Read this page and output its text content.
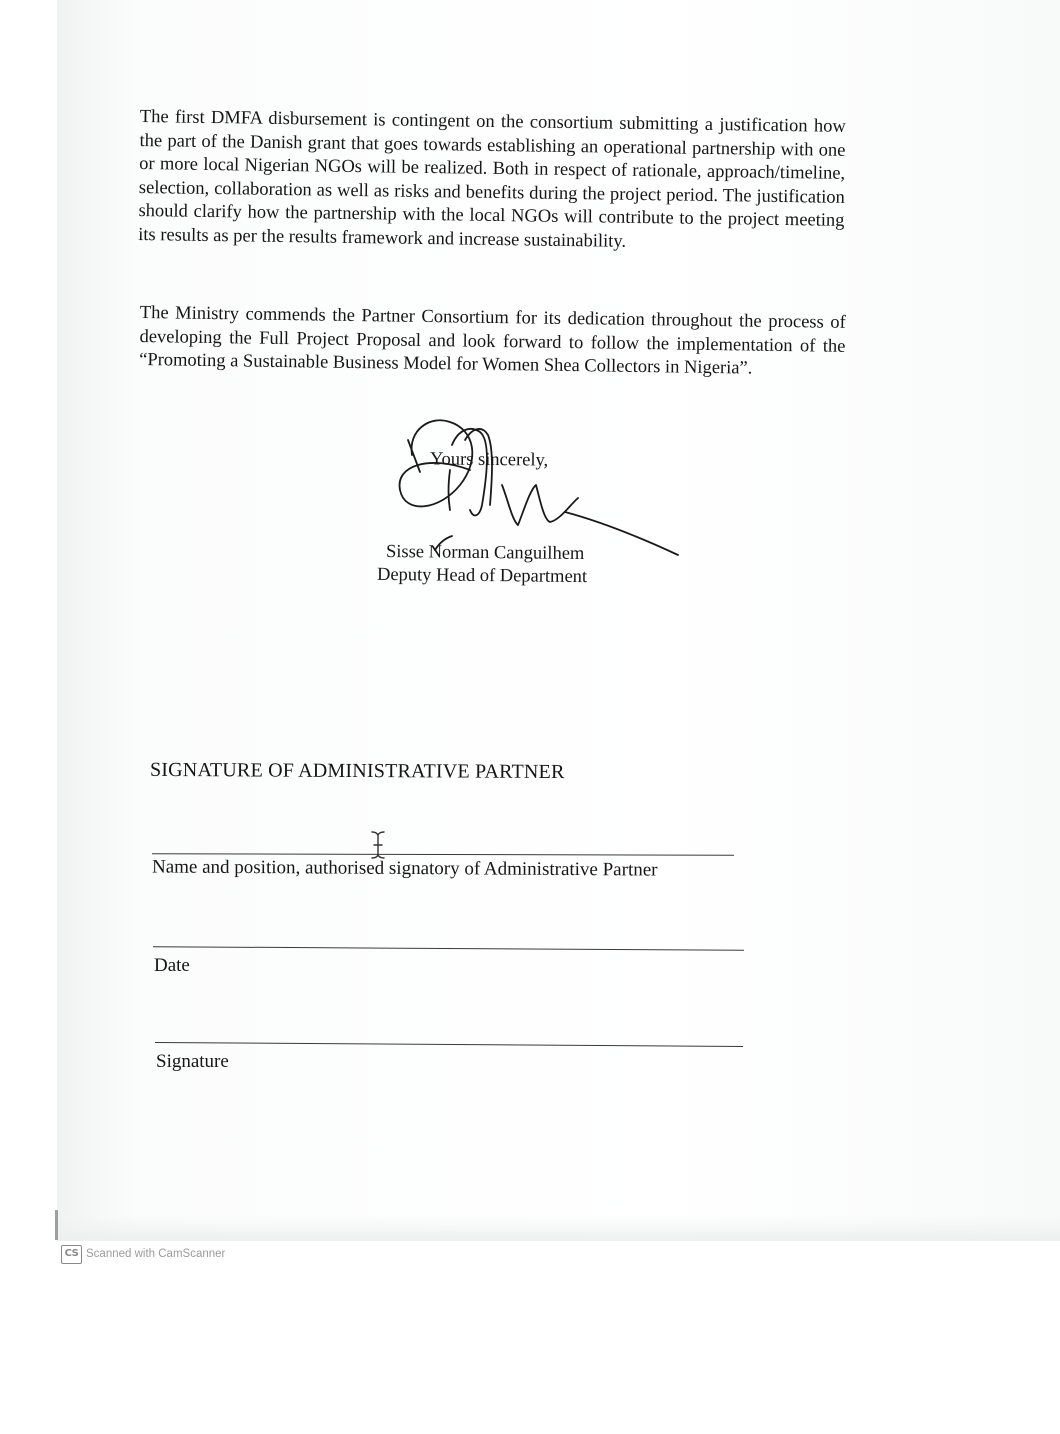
The first DMFA disbursement is contingent on the consortium submitting a justification how the part of the Danish grant that goes towards establishing an operational partnership with one or more local Nigerian NGOs will be realized. Both in respect of rationale, approach/timeline, selection, collaboration as well as risks and benefits during the project period. The justification should clarify how the partnership with the local NGOs will contribute to the project meeting its results as per the results framework and increase sustainability.

The Ministry commends the Partner Consortium for its dedication throughout the process of developing the Full Project Proposal and look forward to follow the implementation of the “Promoting a Sustainable Business Model for Women Shea Collectors in Nigeria”.

Yours sincerely,
Sisse Norman Canguilhem
Deputy Head of Department
SIGNATURE OF ADMINISTRATIVE PARTNER
Name and position, authorised signatory of Administrative Partner
Date
Signature
CS Scanned with CamScanner
